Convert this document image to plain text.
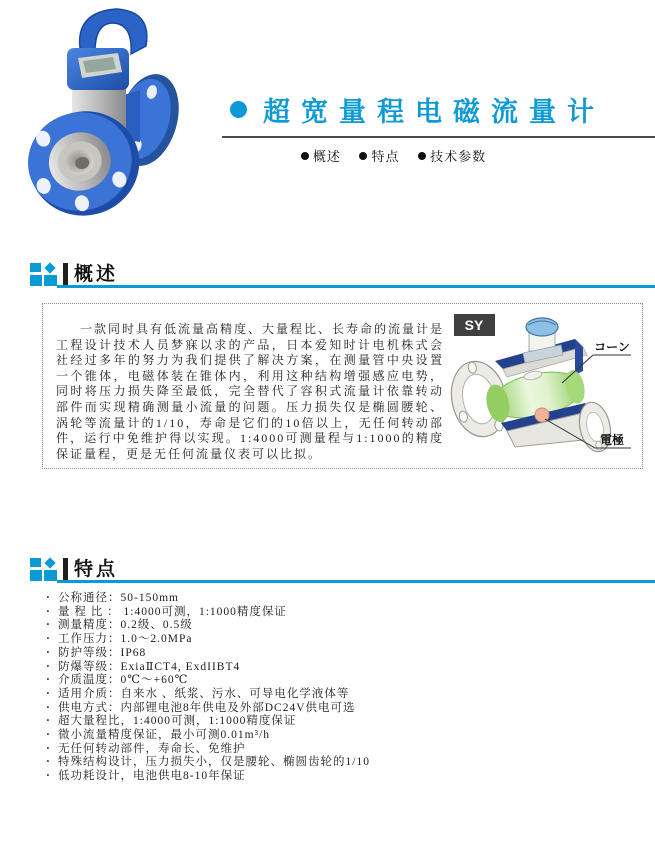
超宽量程电磁流量计
概述 特点 技术参数
概述

一款同时具有低流量高精度、大量程比、长寿命的流量计是工程设计技术人员梦寐以求的产品，日本爱知时计电机株式会社经过多年的努力为我们提供了解决方案，在测量管中央设置一个锥体，电磁体装在锥体内，利用这种结构增强感应电势，同时将压力损失降至最低，完全替代了容积式流量计依靠转动部件而实现精确测量小流量的问题。压力损失仅是椭圆腰轮、涡轮等流量计的1/10，寿命是它们的10倍以上，无任何转动部件，运行中免维护得以实现。1:4000可测量程与1:1000的精度保证量程，更是无任何流量仪表可以比拟。

コーン
電極
SY
特点
· 公称通径：50-150mm
· 量 程 比 ： 1:4000可测，1:1000精度保证
· 测量精度：0.2级、0.5级
· 工作压力：1.0～2.0MPa
· 防护等级：IP68
· 防爆等级：ExiaⅡCT4, ExdIIBT4
· 介质温度：0℃～+60℃
· 适用介质：自来水 、纸浆、污水、可导电化学液体等
· 供电方式：内部锂电池8年供电及外部DC24V供电可选
· 超大量程比，1:4000可测，1:1000精度保证
· 微小流量精度保证，最小可测0.01m³/h
· 无任何转动部件，寿命长、免维护
· 特殊结构设计，压力损失小，仅是腰轮、椭圆齿轮的1/10
· 低功耗设计，电池供电8-10年保证
